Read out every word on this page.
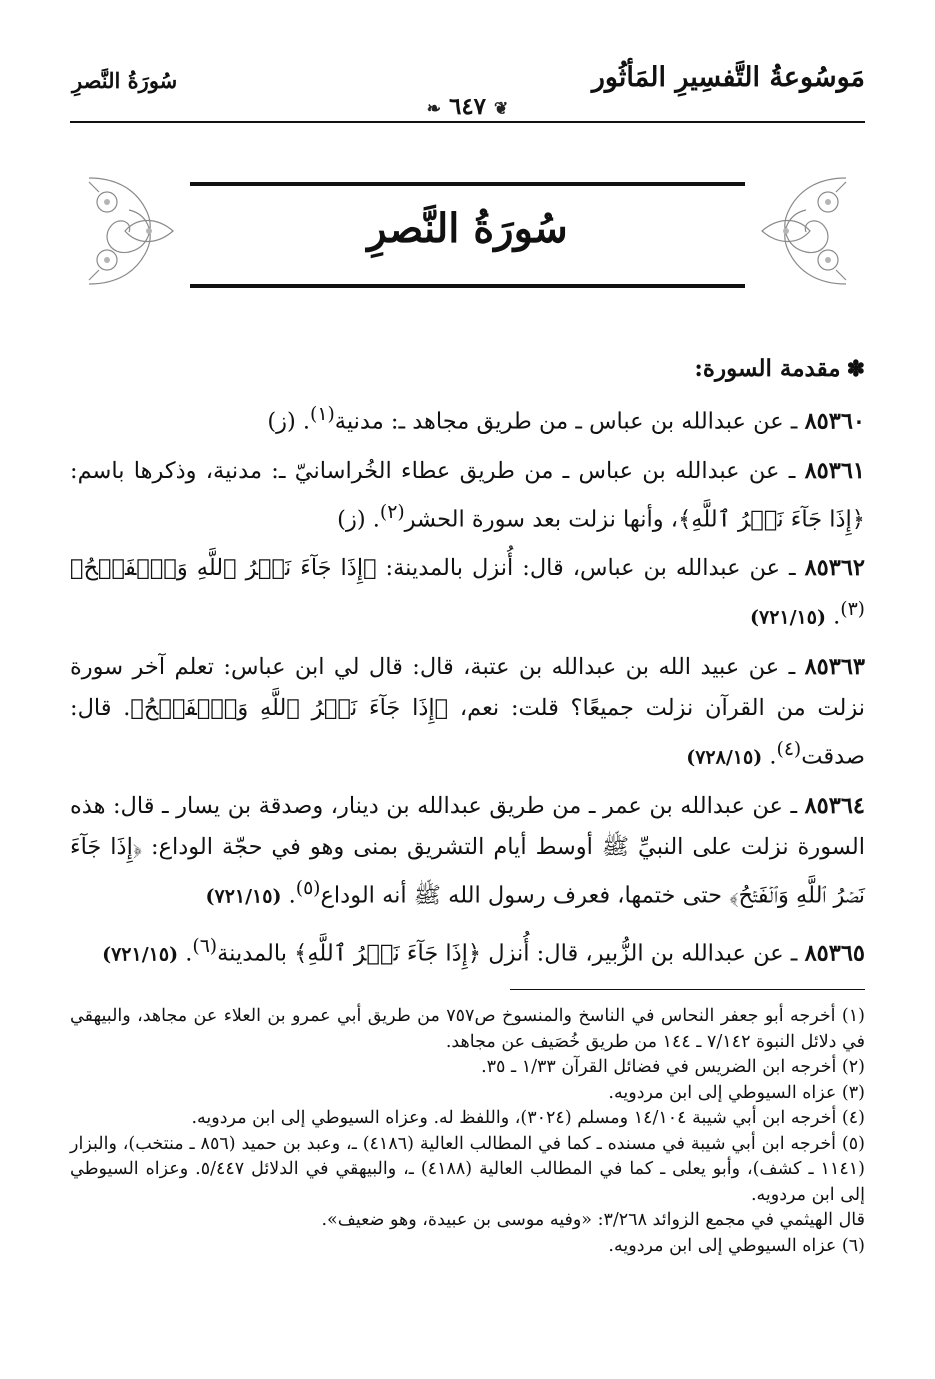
مَوسُوعةُ التَّفسِيرِ المَأثُور
سُورَةُ النَّصرِ
❦٦٤٧❧
سُورَةُ النَّصرِ
✽مقدمة السورة:

٨٥٣٦٠ ـ عن عبدالله بن عباس ـ من طريق مجاهد ـ: مدنية$^{(١)}$. (ز)

٨٥٣٦١ ـ عن عبدالله بن عباس ـ من طريق عطاء الخُراسانيّ ـ: مدنية، وذكرها باسم: ﴿إِذَا جَآءَ نَصۡرُ ٱللَّهِ﴾، وأنها نزلت بعد سورة الحشر$^{(٢)}$. (ز)

٨٥٣٦٢ ـ عن عبدالله بن عباس، قال: أُنزل بالمدينة: ﴿إِذَا جَآءَ نَصۡرُ ٱللَّهِ وَٱلۡفَتۡحُ﴾$^{(٣)}$. (٧٢١/١٥)

٨٥٣٦٣ ـ عن عبيد الله بن عبدالله بن عتبة، قال: قال لي ابن عباس: تعلم آخر سورة نزلت من القرآن نزلت جميعًا؟ قلت: نعم، ﴿إِذَا جَآءَ نَصۡرُ ٱللَّهِ وَٱلۡفَتۡحُ﴾. قال: صدقت$^{(٤)}$. (٧٢٨/١٥)

٨٥٣٦٤ ـ عن عبدالله بن عمر ـ من طريق عبدالله بن دينار، وصدقة بن يسار ـ قال: هذه السورة نزلت على النبيِّ ﷺ أوسط أيام التشريق بمنى وهو في حجّة الوداع: ﴿إِذَا جَآءَ نَصۡرُ ٱللَّهِ وَٱلۡفَتۡحُ﴾ حتى ختمها، فعرف رسول الله ﷺ أنه الوداع$^{(٥)}$. (٧٢١/١٥)

٨٥٣٦٥ ـ عن عبدالله بن الزُّبير، قال: أُنزل ﴿إِذَا جَآءَ نَصۡرُ ٱللَّهِ﴾ بالمدينة$^{(٦)}$. (٧٢١/١٥)

(١) أخرجه أبو جعفر النحاس في الناسخ والمنسوخ ص٧٥٧ من طريق أبي عمرو بن العلاء عن مجاهد، والبيهقي في دلائل النبوة ٧/١٤٢ ـ ١٤٤ من طريق خُصَيف عن مجاهد.

(٢) أخرجه ابن الضريس في فضائل القرآن ١/٣٣ ـ ٣٥.

(٣) عزاه السيوطي إلى ابن مردويه.

(٤) أخرجه ابن أبي شيبة ١٤/١٠٤ ومسلم (٣٠٢٤)، واللفظ له. وعزاه السيوطي إلى ابن مردويه.

(٥) أخرجه ابن أبي شيبة في مسنده ـ كما في المطالب العالية (٤١٨٦) ـ، وعبد بن حميد (٨٥٦ ـ منتخب)، والبزار (١١٤١ ـ كشف)، وأبو يعلى ـ كما في المطالب العالية (٤١٨٨) ـ، والبيهقي في الدلائل ٥/٤٤٧. وعزاه السيوطي إلى ابن مردويه.

قال الهيثمي في مجمع الزوائد ٣/٢٦٨: «وفيه موسى بن عبيدة، وهو ضعيف».

(٦) عزاه السيوطي إلى ابن مردويه.
